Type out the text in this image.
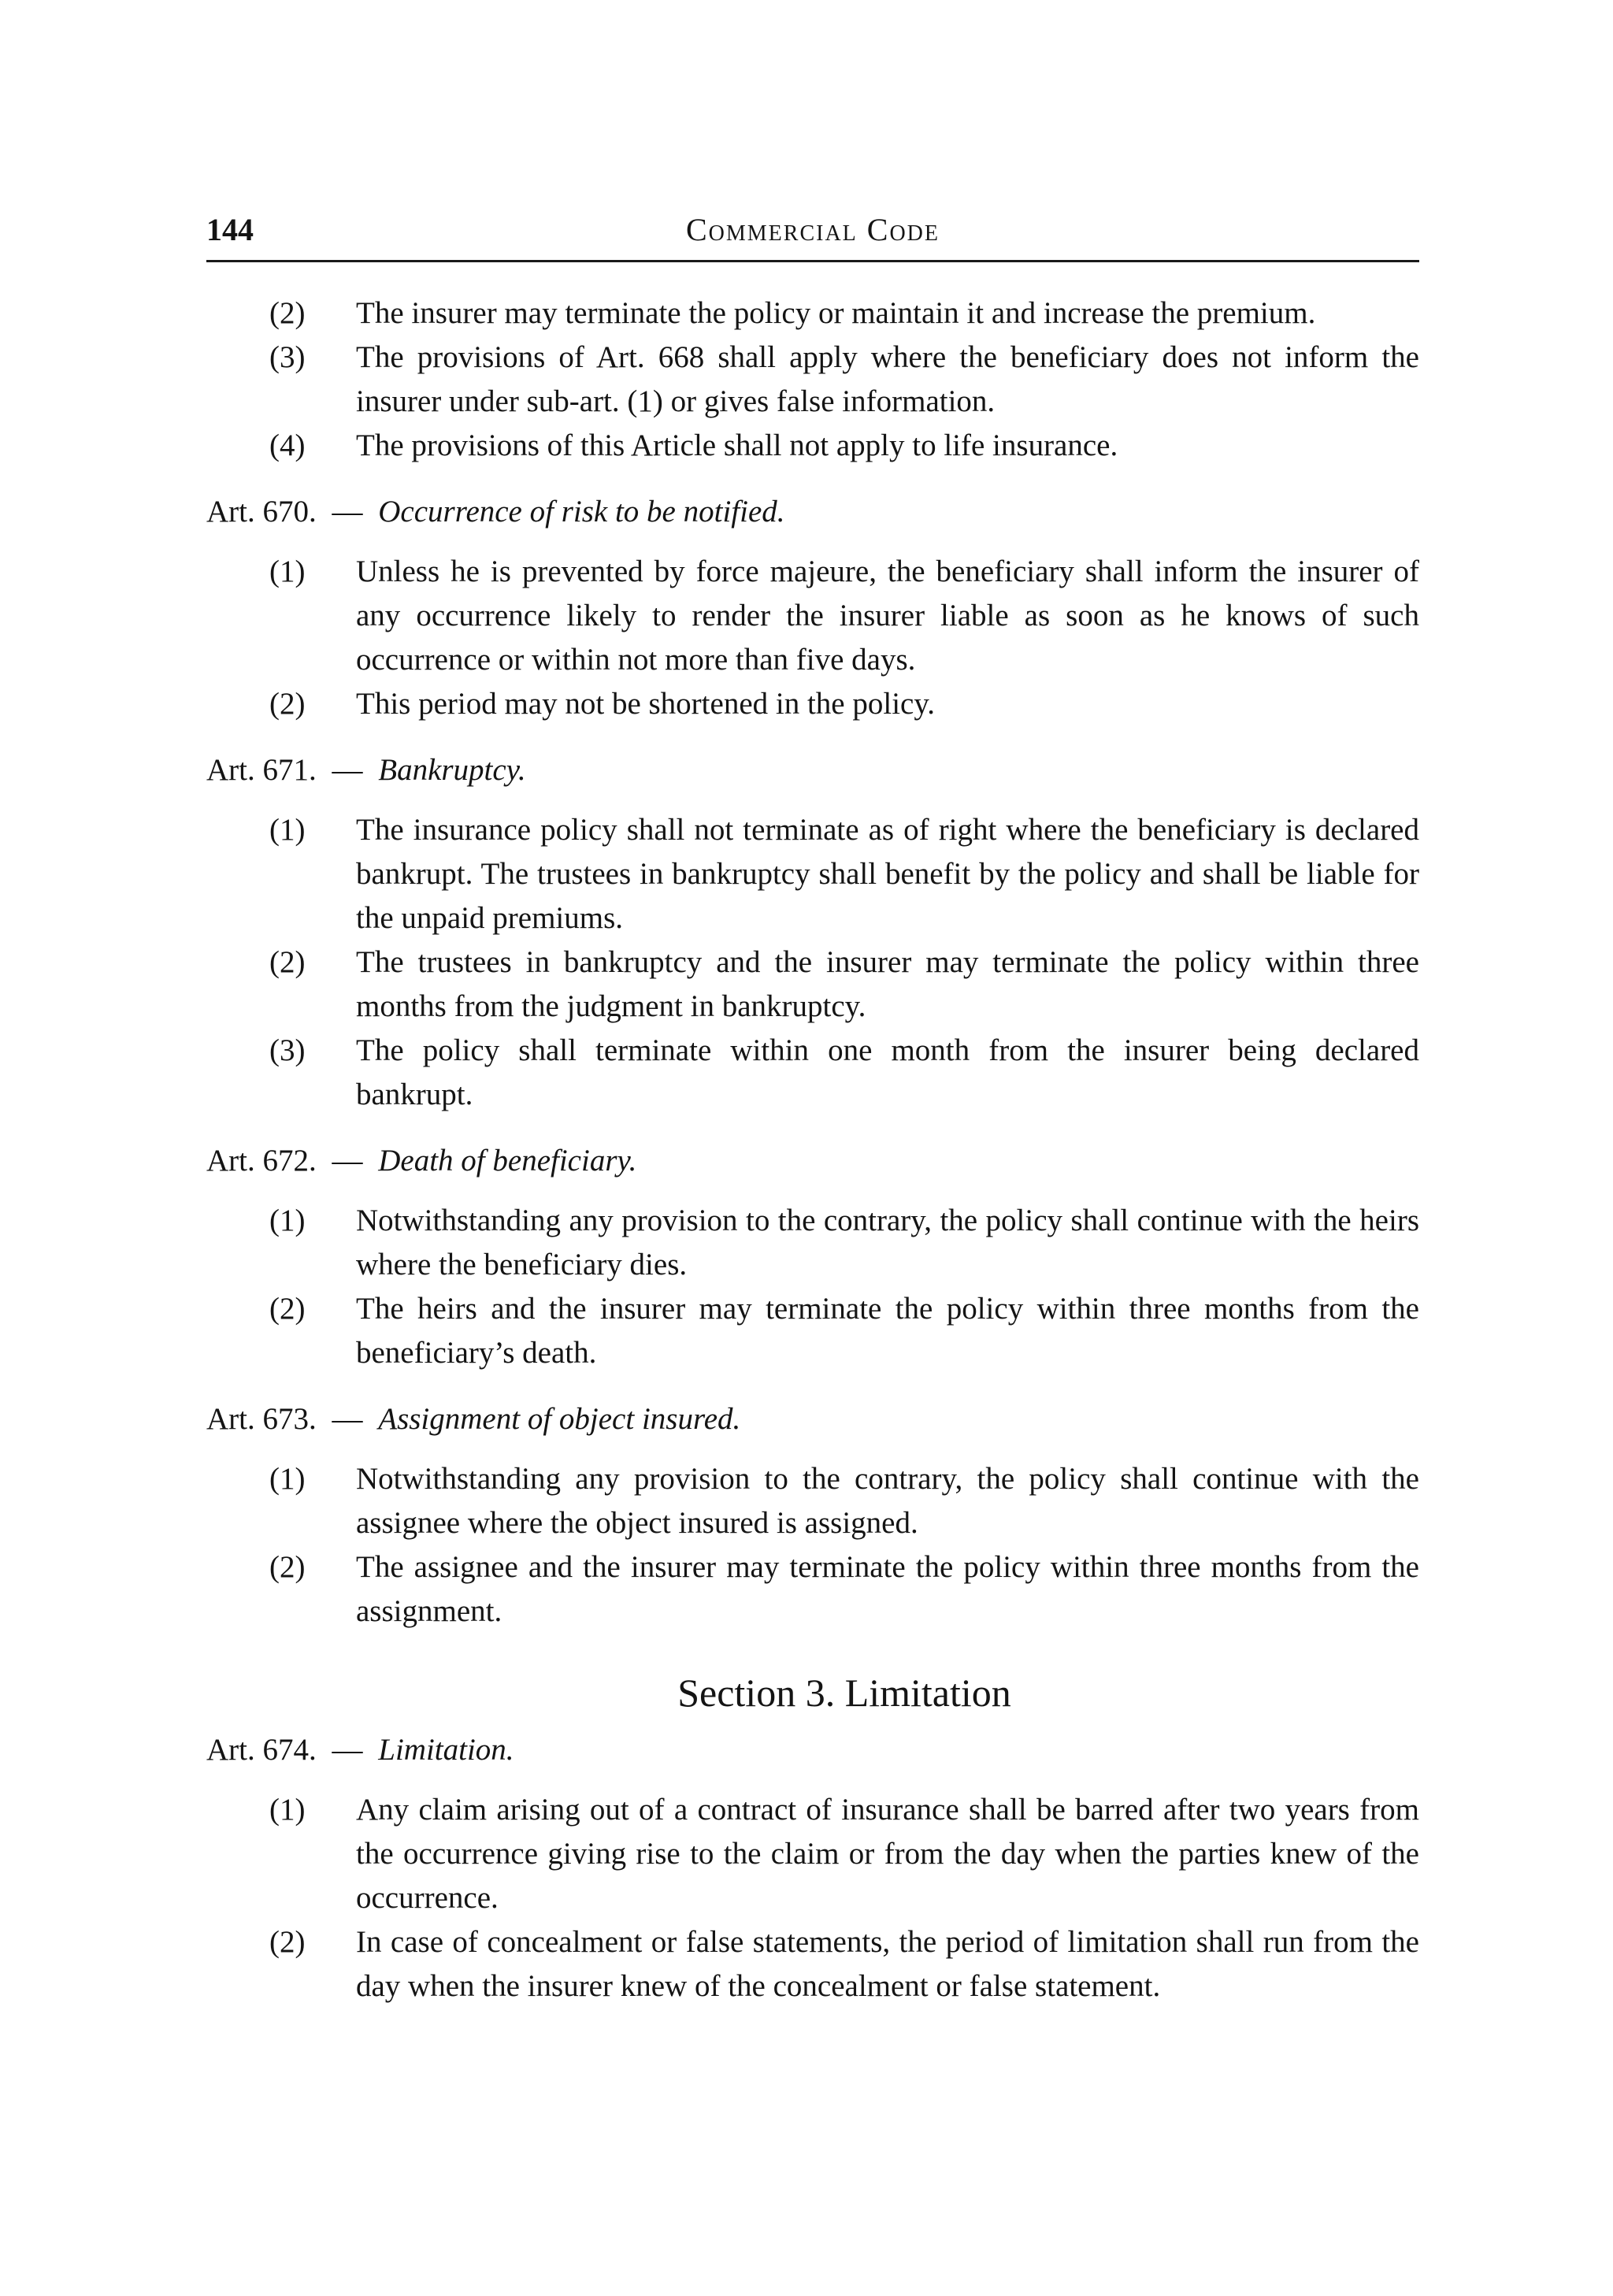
144	Commercial Code

(2)	The insurer may terminate the policy or maintain it and increase the premium.

(3)	The provisions of Art. 668 shall apply where the beneficiary does not inform the insurer under sub-art. (1) or gives false information.

(4)	The provisions of this Article shall not apply to life insurance.

Art. 670. — Occurrence of risk to be notified.

(1)	Unless he is prevented by force majeure, the beneficiary shall inform the insurer of any occurrence likely to render the insurer liable as soon as he knows of such occurrence or within not more than five days.

(2)	This period may not be shortened in the policy.

Art. 671. — Bankruptcy.

(1)	The insurance policy shall not terminate as of right where the beneficiary is declared bankrupt. The trustees in bankruptcy shall benefit by the policy and shall be liable for the unpaid premiums.

(2)	The trustees in bankruptcy and the insurer may terminate the policy within three months from the judgment in bankruptcy.

(3)	The policy shall terminate within one month from the insurer being declared bankrupt.

Art. 672. — Death of beneficiary.

(1)	Notwithstanding any provision to the contrary, the policy shall continue with the heirs where the beneficiary dies.

(2)	The heirs and the insurer may terminate the policy within three months from the beneficiary’s death.

Art. 673. — Assignment of object insured.

(1)	Notwithstanding any provision to the contrary, the policy shall continue with the assignee where the object insured is assigned.

(2)	The assignee and the insurer may terminate the policy within three months from the assignment.

Section 3. Limitation
Art. 674. — Limitation.

(1)	Any claim arising out of a contract of insurance shall be barred after two years from the occurrence giving rise to the claim or from the day when the parties knew of the occurrence.

(2)	In case of concealment or false statements, the period of limitation shall run from the day when the insurer knew of the concealment or false statement.
